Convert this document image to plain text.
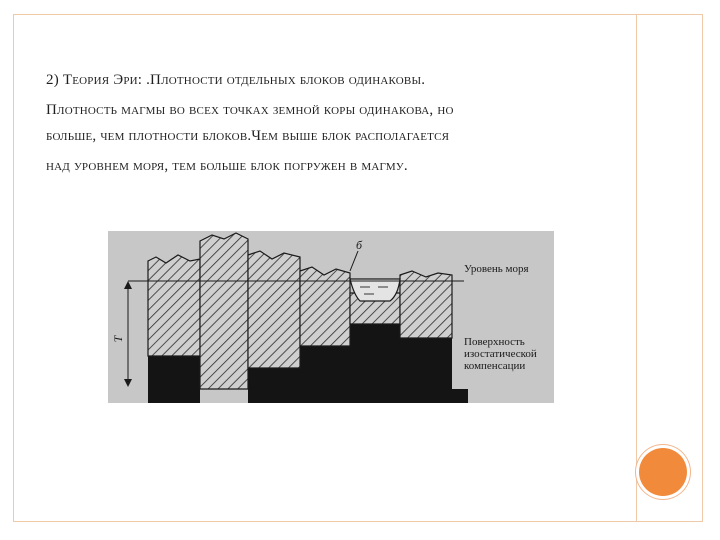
2) Теория Эри: .Плотности отдельных блоков одинаковы.
Плотность магмы во всех точках земной коры одинакова, но
больше, чем плотности блоков.Чем выше блок располагается
над уровнем моря, тем больше блок погружен в магму.
T
б
Уровень моря
Поверхность
изостатической
компенсации
